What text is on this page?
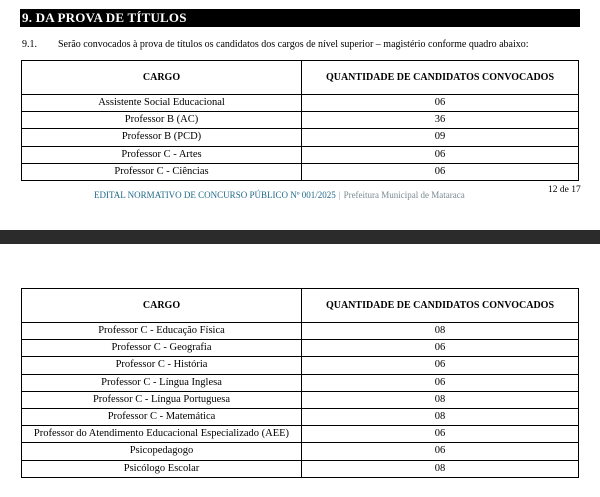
9. DA PROVA DE TÍTULOS
9.1. Serão convocados à prova de títulos os candidatos dos cargos de nível superior – magistério conforme quadro abaixo:
CARGO	QUANTIDADE DE CANDIDATOS CONVOCADOS
Assistente Social Educacional	06
Professor B (AC)	36
Professor B (PCD)	09
Professor C - Artes	06
Professor C - Ciências	06
EDITAL NORMATIVO DE CONCURSO PÚBLICO Nº 001/2025 | Prefeitura Municipal de Mataraca	12 de 17
CARGO	QUANTIDADE DE CANDIDATOS CONVOCADOS
Professor C - Educação Física	08
Professor C - Geografia	06
Professor C - História	06
Professor C - Língua Inglesa	06
Professor C - Língua Portuguesa	08
Professor C - Matemática	08
Professor do Atendimento Educacional Especializado (AEE)	06
Psicopedagogo	06
Psicólogo Escolar	08
